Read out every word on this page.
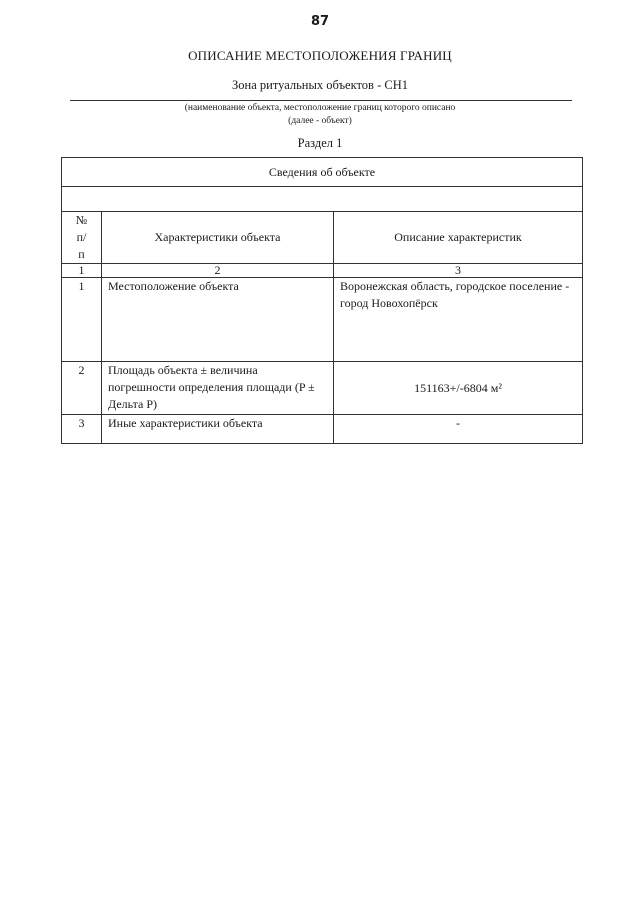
87
ОПИСАНИЕ МЕСТОПОЛОЖЕНИЯ ГРАНИЦ
Зона ритуальных объектов - СН1
(наименование объекта, местоположение границ которого описано
(далее - объект)
Раздел 1
Сведения об объекте		

№ п/п	Характеристики объекта	Описание характеристик
1	2	3
1	Местоположение объекта	Воронежская область, городское поселение - город Новохопёрск
2	Площадь объекта ± величина погрешности определения площади (P ± Дельта P)	151163+/-6804 м²
3	Иные характеристики объекта	-
